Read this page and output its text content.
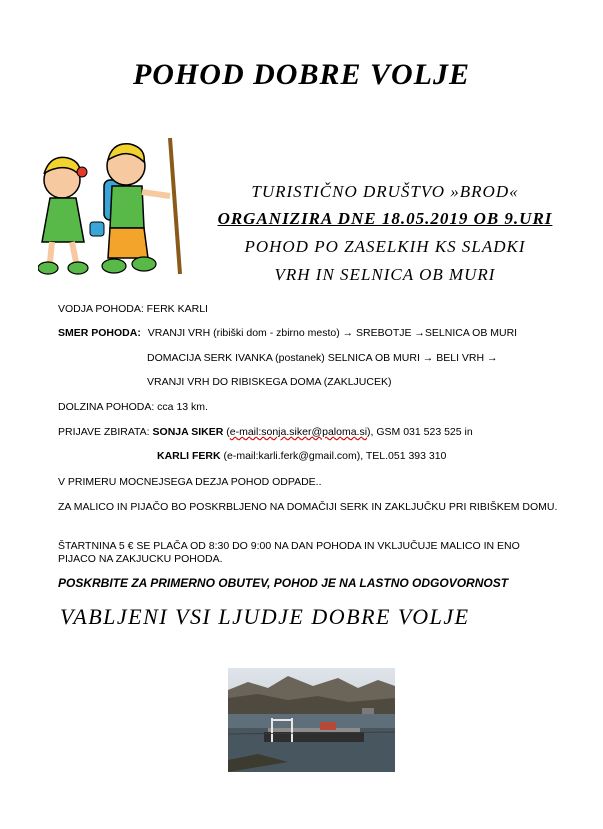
POHOD DOBRE VOLJE
TURISTIČNO DRUŠTVO »BROD«
ORGANIZIRA DNE 18.05.2019 OB 9.URI
POHOD PO ZASELKIH KS SLADKI
VRH IN SELNICA OB MURI
VODJA POHODA: FERK KARLI
SMER POHODA: VRANJI VRH (ribiški dom - zbirno mesto) → SREBOTJE →SELNICA OB MURI
DOMACIJA SERK IVANKA (postanek) SELNICA OB MURI → BELI VRH →
VRANJI VRH DO RIBISKEGA DOMA (ZAKLJUCEK)
DOLZINA POHODA: cca 13 km.
PRIJAVE ZBIRATA: SONJA SIKER (e-mail:sonja.siker@paloma.si), GSM 031 523 525 in
KARLI FERK (e-mail:karli.ferk@gmail.com), TEL.051 393 310
V PRIMERU MOCNEJSEGA DEZJA POHOD ODPADE..
ZA MALICO IN PIJAČO BO POSKRBLJENO NA DOMAČIJI SERK IN ZAKLJUČKU PRI RIBIŠKEM DOMU.
ŠTARTNINA 5 € SE PLAČA OD 8:30 DO 9:00 NA DAN POHODA IN VKLJUČUJE MALICO IN ENO PIJACO NA ZAKJUCKU POHODA.
POSKRBITE ZA PRIMERNO OBUTEV, POHOD JE NA LASTNO ODGOVORNOST
VABLJENI VSI LJUDJE DOBRE VOLJE
